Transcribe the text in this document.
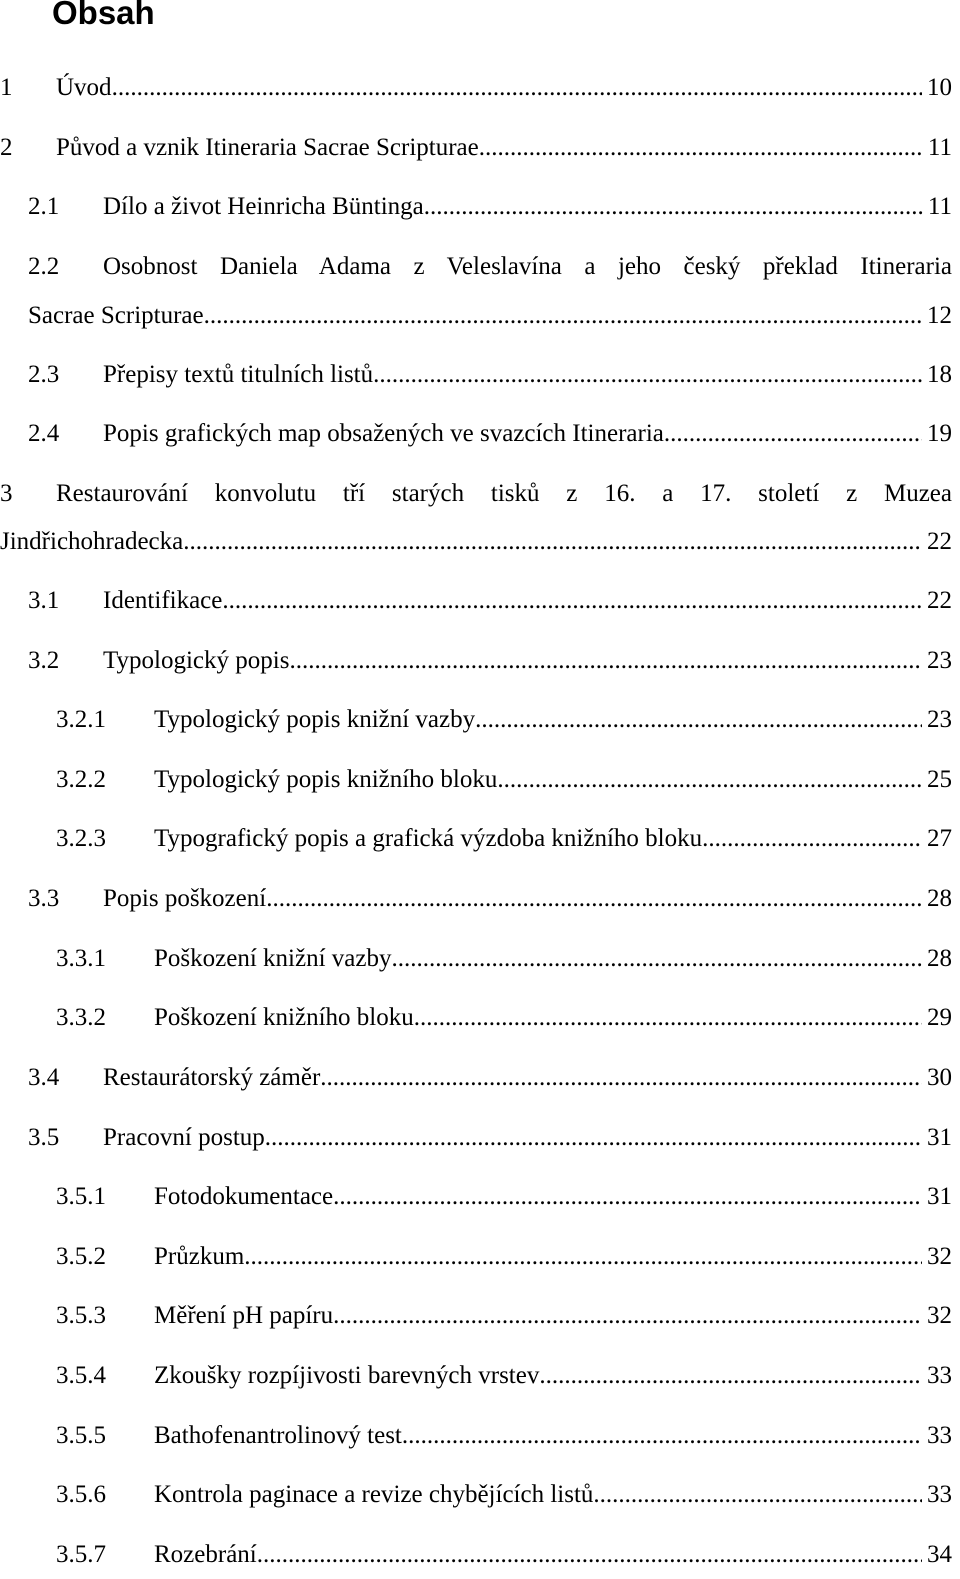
Obsah
1 Úvod .....	10
2 Původ a vznik Itineraria Sacrae Scripturae .....	11
2.1 Dílo a život Heinricha Büntinga .....	11
2.2 Osobnost Daniela Adama z Veleslavína a jeho český překlad Itineraria
Sacrae Scripturae .....	12
2.3 Přepisy textů titulních listů .....	18
2.4 Popis grafických map obsažených ve svazcích Itineraria. .....	19
3 Restaurování konvolutu tří starých tisků z 16. a 17. století z Muzea
Jindřichohradecka .....	22
3.1 Identifikace .....	22
3.2 Typologický popis .....	23
3.2.1 Typologický popis knižní vazby .....	23
3.2.2 Typologický popis knižního bloku .....	25
3.2.3 Typografický popis a grafická výzdoba knižního bloku .....	27
3.3 Popis poškození .....	28
3.3.1 Poškození knižní vazby .....	28
3.3.2 Poškození knižního bloku .....	29
3.4 Restaurátorský záměr .....	30
3.5 Pracovní postup .....	31
3.5.1 Fotodokumentace .....	31
3.5.2 Průzkum .....	32
3.5.3 Měření pH papíru .....	32
3.5.4 Zkoušky rozpíjivosti barevných vrstev .....	33
3.5.5 Bathofenantrolinový test .....	33
3.5.6 Kontrola paginace a revize chybějících listů .....	33
3.5.7 Rozebrání .....	34
